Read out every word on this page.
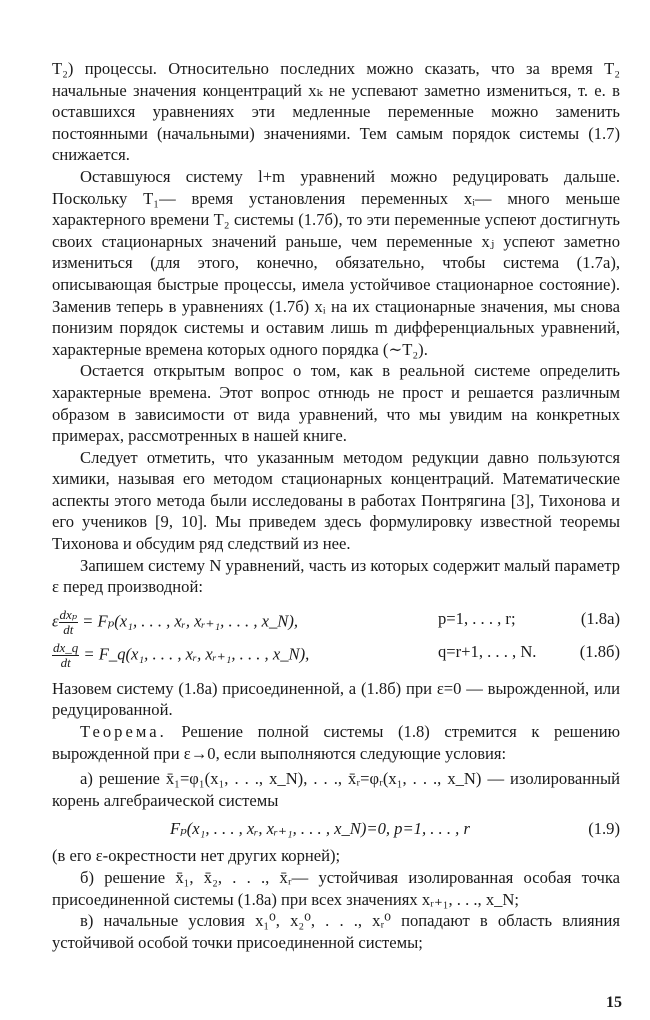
T₂) процессы. Относительно последних можно сказать, что за время T₂ начальные значения концентраций xₖ не успевают заметно измениться, т. е. в оставшихся уравнениях эти медленные переменные можно заменить постоянными (начальными) значениями. Тем самым порядок системы (1.7) снижается.

Оставшуюся систему l+m уравнений можно редуцировать дальше. Поскольку T₁— время установления переменных xᵢ— много меньше характерного времени T₂ системы (1.7б), то эти переменные успеют достигнуть своих стационарных значений раньше, чем переменные xⱼ успеют заметно измениться (для этого, конечно, обязательно, чтобы система (1.7а), описывающая быстрые процессы, имела устойчивое стационарное состояние). Заменив теперь в уравнениях (1.7б) xᵢ на их стационарные значения, мы снова понизим порядок системы и оставим лишь m дифференциальных уравнений, характерные времена которых одного порядка (∼T₂).

Остается открытым вопрос о том, как в реальной системе определить характерные времена. Этот вопрос отнюдь не прост и решается различным образом в зависимости от вида уравнений, что мы увидим на конкретных примерах, рассмотренных в нашей книге.

Следует отметить, что указанным методом редукции давно пользуются химики, называя его методом стационарных концентраций. Математические аспекты этого метода были исследованы в работах Понтрягина [3], Тихонова и его учеников [9, 10]. Мы приведем здесь формулировку известной теоремы Тихонова и обсудим ряд следствий из нее.

Запишем систему N уравнений, часть из которых содержит малый параметр ε перед производной:

ε $\frac{\text{dxₚ}}{dt} = F_p(x_1$, . . . , xᵣ, xᵣ₊₁, . . . , x_N),	p=1, . . . , r;	(1.8а)
$\frac{dx\_q}{dt}$ = F_q(x₁, . . . , xᵣ, xᵣ₊₁, . . . , x_N),	q=r+1, . . . , N.	(1.8б)

Назовем систему (1.8а) присоединенной, а (1.8б) при ε=0 — вырожденной, или редуцированной.

Теорема. Решение полной системы (1.8) стремится к решению вырожденной при ε→0, если выполняются следующие условия:

а) решение x̄₁=φ₁(x₁, . . ., x_N), . . ., x̄ᵣ=φᵣ(x₁, . . ., x_N) — изолированный корень алгебраической системы

Fₚ(x₁, . . . , xᵣ, xᵣ₊₁, . . . , x_N)=0, p=1, . . . , r	(1.9)

(в его ε-окрестности нет других корней);

б) решение x̄₁, x̄₂, . . ., x̄ᵣ— устойчивая изолированная особая точка присоединенной системы (1.8а) при всех значениях xᵣ₊₁, . . ., x_N;

в) начальные условия x₁⁰, x₂⁰, . . ., xᵣ⁰ попадают в область влияния устойчивой особой точки присоединенной системы;

15
